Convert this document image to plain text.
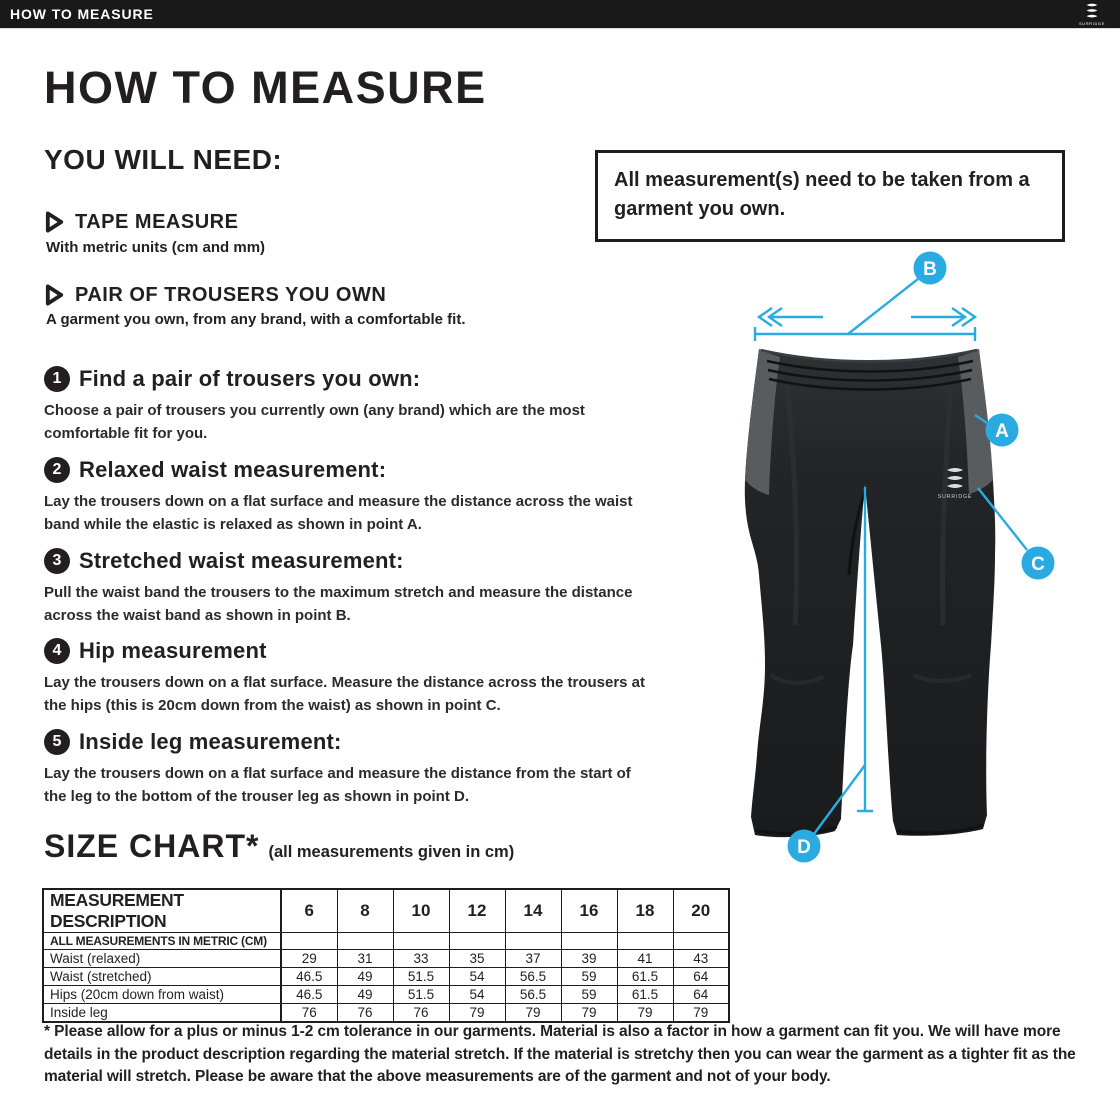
HOW TO MEASURE
SURRIDGE
HOW TO MEASURE
YOU WILL NEED:
TAPE MEASURE
With metric units (cm and mm)
PAIR OF TROUSERS YOU OWN
A garment you own, from any brand, with a comfortable fit.
All measurement(s) need to be taken from a garment you own.
1 Find a pair of trousers you own:

Choose a pair of trousers you currently own (any brand) which are the most comfortable fit for you.

2 Relaxed waist measurement:

Lay the trousers down on a flat surface and measure the distance across the waist band while the elastic is relaxed as shown in point A.

3 Stretched waist measurement:

Pull the waist band the trousers to the maximum stretch and measure the distance across the waist band as shown in point B.

4 Hip measurement

Lay the trousers down on a flat surface. Measure the distance across the trousers at the hips (this is 20cm down from the waist) as shown in point C.

5 Inside leg measurement:

Lay the trousers down on a flat surface and measure the distance from the start of the leg to the bottom of the trouser leg as shown in point D.

SURRIDGE
B
A
C
D
SIZE CHART* (all measurements given in cm)
MEASUREMENT DESCRIPTION	6	8	10	12	14	16	18	20
ALL MEASUREMENTS IN METRIC (CM)								
Waist (relaxed)	29	31	33	35	37	39	41	43
Waist (stretched)	46.5	49	51.5	54	56.5	59	61.5	64
Hips (20cm down from waist)	46.5	49	51.5	54	56.5	59	61.5	64
Inside leg	76	76	76	79	79	79	79	79

* Please allow for a plus or minus 1-2 cm tolerance in our garments. Material is also a factor in how a garment can fit you. We will have more details in the product description regarding the material stretch. If the material is stretchy then you can wear the garment as a tighter fit as the material will stretch. Please be aware that the above measurements are of the garment and not of your body.
